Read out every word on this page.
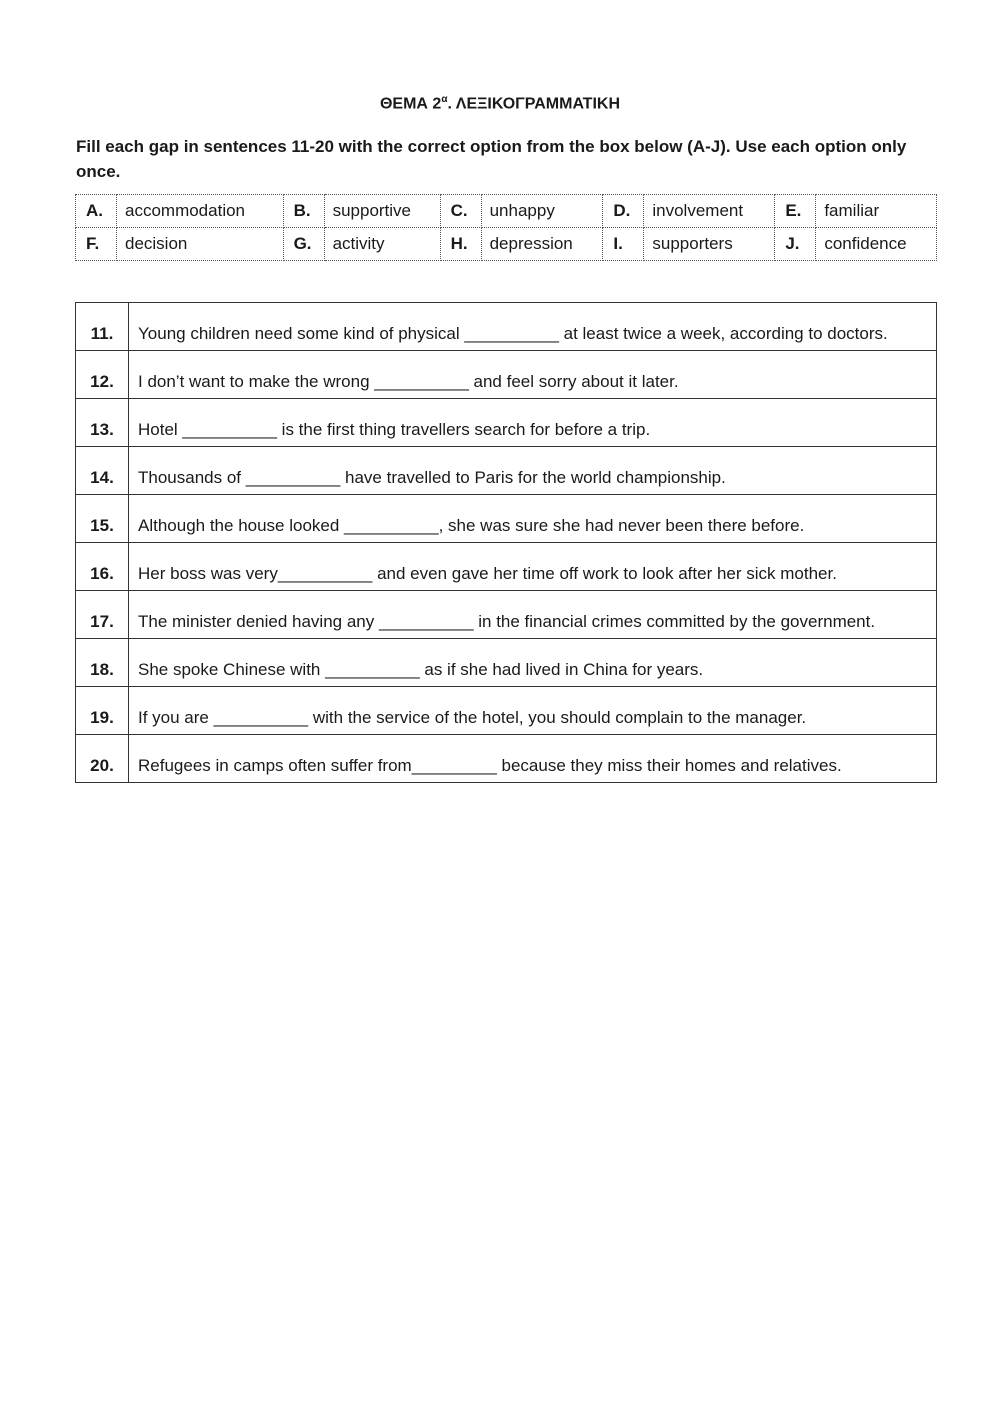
ΘΕΜΑ $2^\alpha$. ΛΕΞΙΚΟΓΡΑΜΜΑΤΙΚΗ
Fill each gap in sentences 11-20 with the correct option from the box below (A-J). Use each option only once.
A.	accommodation	B.	supportive	C.	unhappy	D.	involvement	E.	familiar
F.	decision	G.	activity	H.	depression	I.	supporters	J.	confidence
11.	Young children need some kind of physical __________ at least twice a week, according to doctors.
12.	I don’t want to make the wrong __________ and feel sorry about it later.
13.	Hotel __________ is the first thing travellers search for before a trip.
14.	Thousands of __________ have travelled to Paris for the world championship.
15.	Although the house looked __________, she was sure she had never been there before.
16.	Her boss was very__________ and even gave her time off work to look after her sick mother.
17.	The minister denied having any __________ in the financial crimes committed by the government.
18.	She spoke Chinese with __________ as if she had lived in China for years.
19.	If you are __________ with the service of the hotel, you should complain to the manager.
20.	Refugees in camps often suffer from_________ because they miss their homes and relatives.
